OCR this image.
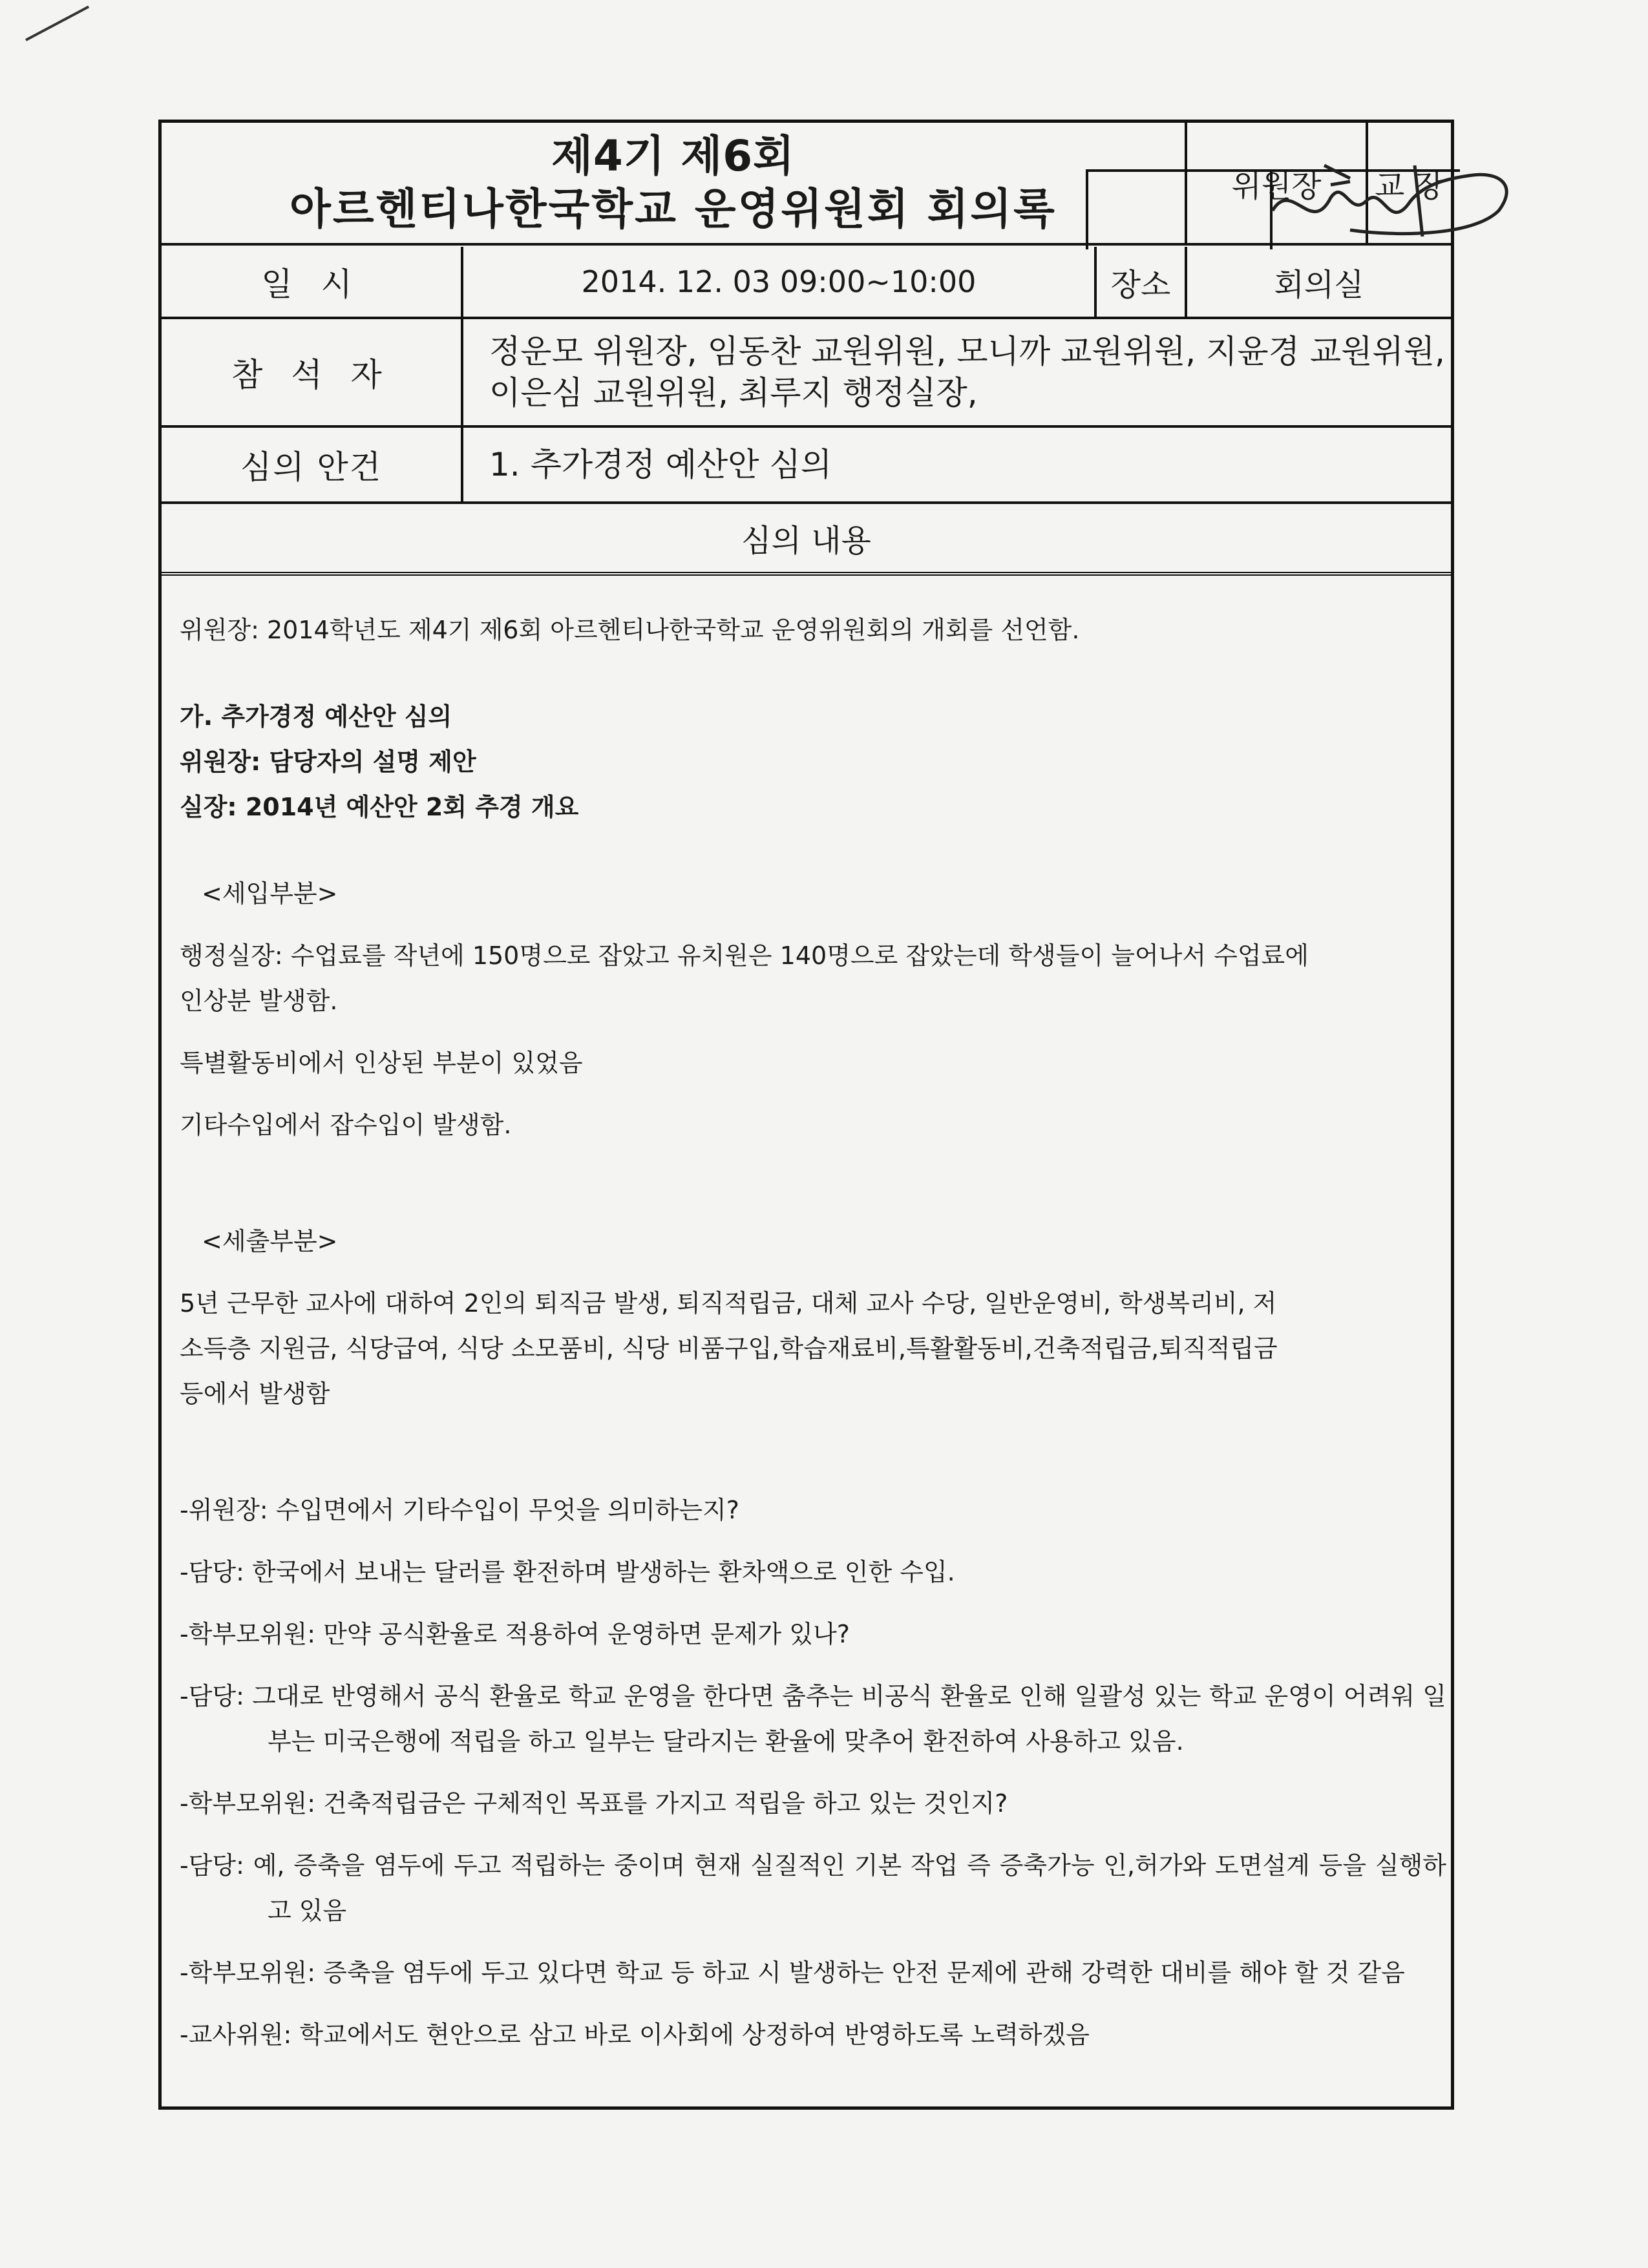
제4기 제6회
아르헨티나한국학교 운영위원회 회의록	위원장	교 장

일 시	2014. 12. 03 09:00~10:00	장소	회의실
참 석 자	정운모 위원장, 임동찬 교원위원, 모니까 교원위원, 지윤경 교원위원,
이은심 교원위원, 최루지 행정실장,		

심의 안건	1. 추가경정 예산안 심의		
심의 내용			

위원장: 2014학년도 제4기 제6회 아르헨티나한국학교 운영위원회의 개회를 선언함.

가. 추가경정 예산안 심의

위원장: 담당자의 설명 제안

실장: 2014년 예산안 2회 추경 개요

<세입부분>

행정실장: 수업료를 작년에 150명으로 잡았고 유치원은 140명으로 잡았는데 학생들이 늘어나서 수업료에

인상분 발생함.

특별활동비에서 인상된 부분이 있었음

기타수입에서 잡수입이 발생함.

<세출부분>

5년 근무한 교사에 대하여 2인의 퇴직금 발생, 퇴직적립금, 대체 교사 수당, 일반운영비, 학생복리비, 저

소득층 지원금, 식당급여, 식당 소모품비, 식당 비품구입,학습재료비,특활활동비,건축적립금,퇴직적립금

등에서 발생함

-위원장: 수입면에서 기타수입이 무엇을 의미하는지?

-담당: 한국에서 보내는 달러를 환전하며 발생하는 환차액으로 인한 수입.

-학부모위원: 만약 공식환율로 적용하여 운영하면 문제가 있나?

-담당: 그대로 반영해서 공식 환율로 학교 운영을 한다면 춤추는 비공식 환율로 인해 일괄성 있는 학교 운영이 어려워 일부는 미국은행에 적립을 하고 일부는 달라지는 환율에 맞추어 환전하여 사용하고 있음.

-학부모위원: 건축적립금은 구체적인 목표를 가지고 적립을 하고 있는 것인지?

-담당: 예, 증축을 염두에 두고 적립하는 중이며 현재 실질적인 기본 작업 즉 증축가능 인,허가와 도면설계 등을 실행하고 있음

-학부모위원: 증축을 염두에 두고 있다면 학교 등 하교 시 발생하는 안전 문제에 관해 강력한 대비를 해야 할 것 같음

-교사위원: 학교에서도 현안으로 삼고 바로 이사회에 상정하여 반영하도록 노력하겠음
